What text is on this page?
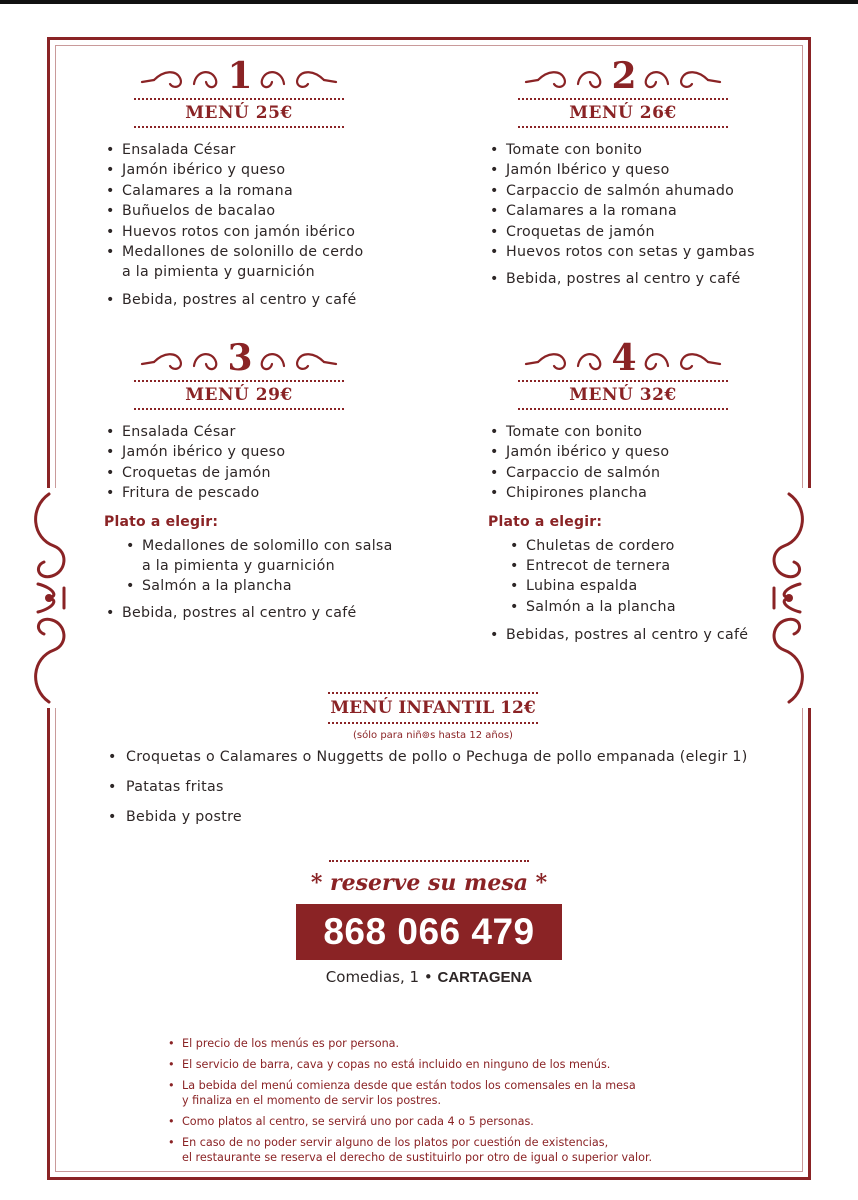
1
MENÚ 25€
• Ensalada César
• Jamón ibérico y queso
• Calamares a la romana
• Buñuelos de bacalao
• Huevos rotos con jamón ibérico
• Medallones de solonillo de cerdo
a la pimienta y guarnición
• Bebida, postres al centro y café
2
MENÚ 26€
• Tomate con bonito
• Jamón Ibérico y queso
• Carpaccio de salmón ahumado
• Calamares a la romana
• Croquetas de jamón
• Huevos rotos con setas y gambas
• Bebida, postres al centro y café
3
MENÚ 29€
• Ensalada César
• Jamón ibérico y queso
• Croquetas de jamón
• Fritura de pescado
Plato a elegir:
• Medallones de solomillo con salsa
a la pimienta y guarnición
• Salmón a la plancha
• Bebida, postres al centro y café
4
MENÚ 32€
• Tomate con bonito
• Jamón ibérico y queso
• Carpaccio de salmón
• Chipirones plancha
Plato a elegir:
• Chuletas de cordero
• Entrecot de ternera
• Lubina espalda
• Salmón a la plancha
• Bebidas, postres al centro y café
MENÚ INFANTIL 12€
(sólo para niñ⊚s hasta 12 años)
• Croquetas o Calamares o Nuggetts de pollo o Pechuga de pollo empanada (elegir 1)
• Patatas fritas
• Bebida y postre
* reserve su mesa *
868 066 479
Comedias, 1 • CARTAGENA
• El precio de los menús es por persona.
• El servicio de barra, cava y copas no está incluido en ninguno de los menús.
• La bebida del menú comienza desde que están todos los comensales en la mesa
y finaliza en el momento de servir los postres.
• Como platos al centro, se servirá uno por cada 4 o 5 personas.
• En caso de no poder servir alguno de los platos por cuestión de existencias,
el restaurante se reserva el derecho de sustituirlo por otro de igual o superior valor.
